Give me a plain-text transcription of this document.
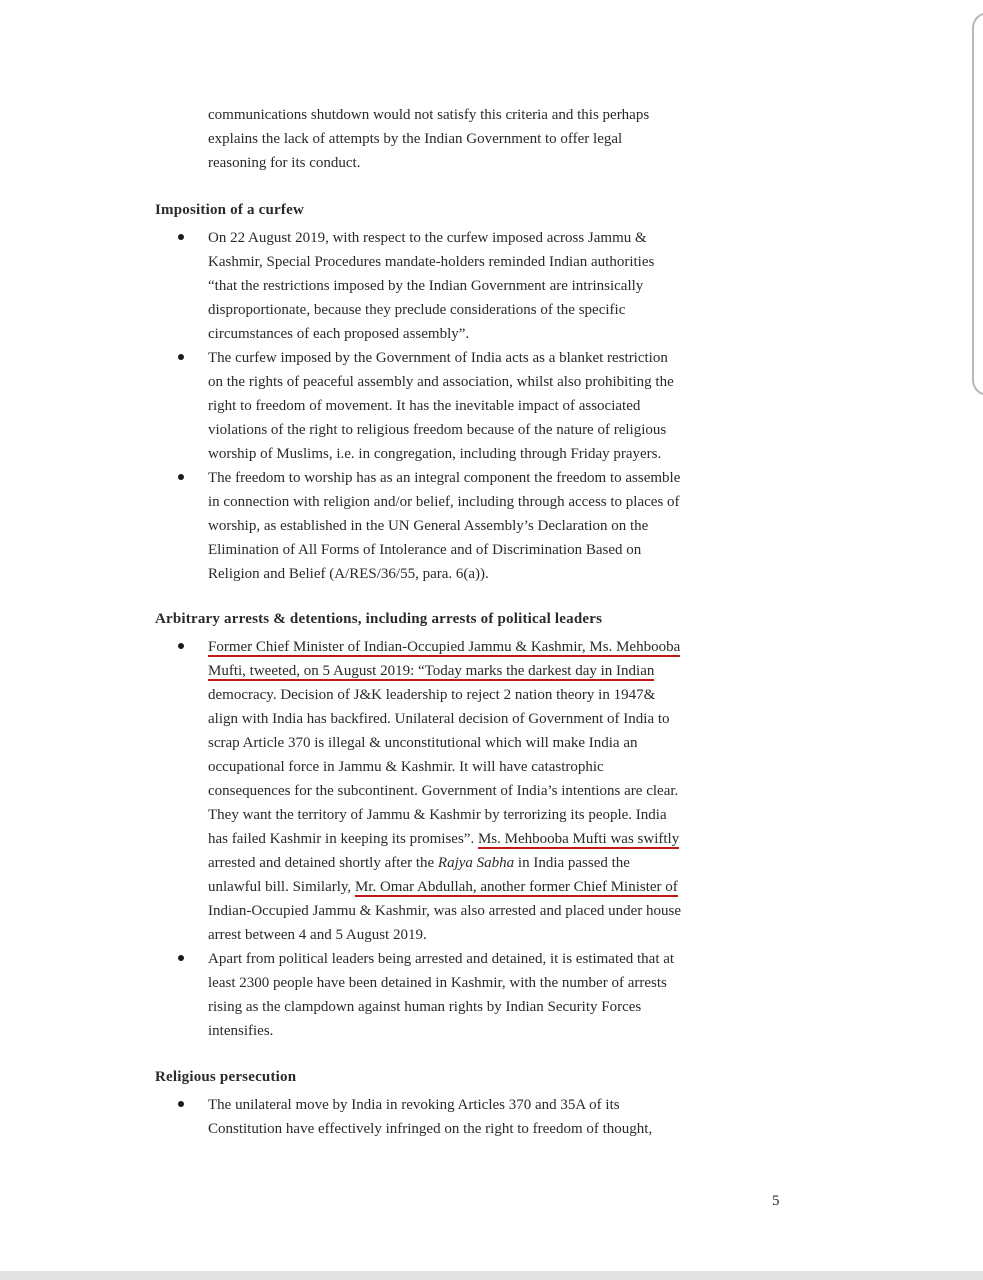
communications shutdown would not satisfy this criteria and this perhaps
explains the lack of attempts by the Indian Government to offer legal
reasoning for its conduct.

Imposition of a curfew

On 22 August 2019, with respect to the curfew imposed across Jammu &
Kashmir, Special Procedures mandate-holders reminded Indian authorities
“that the restrictions imposed by the Indian Government are intrinsically
disproportionate, because they preclude considerations of the specific
circumstances of each proposed assembly”.

The curfew imposed by the Government of India acts as a blanket restriction
on the rights of peaceful assembly and association, whilst also prohibiting the
right to freedom of movement. It has the inevitable impact of associated
violations of the right to religious freedom because of the nature of religious
worship of Muslims, i.e. in congregation, including through Friday prayers.

The freedom to worship has as an integral component the freedom to assemble
in connection with religion and/or belief, including through access to places of
worship, as established in the UN General Assembly’s Declaration on the
Elimination of All Forms of Intolerance and of Discrimination Based on
Religion and Belief (A/RES/36/55, para. 6(a)).

Arbitrary arrests & detentions, including arrests of political leaders

Former Chief Minister of Indian-Occupied Jammu & Kashmir, Ms. Mehbooba
Mufti, tweeted, on 5 August 2019: “Today marks the darkest day in Indian
democracy. Decision of J&K leadership to reject 2 nation theory in 1947&
align with India has backfired. Unilateral decision of Government of India to
scrap Article 370 is illegal & unconstitutional which will make India an
occupational force in Jammu & Kashmir. It will have catastrophic
consequences for the subcontinent. Government of India’s intentions are clear.
They want the territory of Jammu & Kashmir by terrorizing its people. India
has failed Kashmir in keeping its promises”. Ms. Mehbooba Mufti was swiftly
arrested and detained shortly after the Rajya Sabha in India passed the
unlawful bill. Similarly, Mr. Omar Abdullah, another former Chief Minister of
Indian-Occupied Jammu & Kashmir, was also arrested and placed under house
arrest between 4 and 5 August 2019.

Apart from political leaders being arrested and detained, it is estimated that at
least 2300 people have been detained in Kashmir, with the number of arrests
rising as the clampdown against human rights by Indian Security Forces
intensifies.

Religious persecution

The unilateral move by India in revoking Articles 370 and 35A of its
Constitution have effectively infringed on the right to freedom of thought,

5
